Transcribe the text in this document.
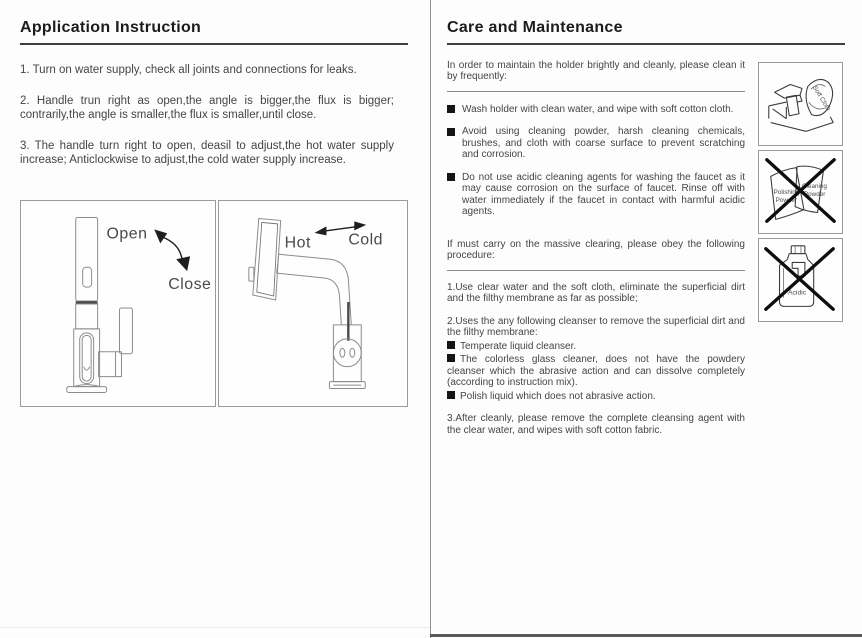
Application Instruction

1. Turn on water supply, check all joints and connections for leaks.

2. Handle trun right as open,the angle is bigger,the flux is bigger; contrarily,the angle is smaller,the flux is smaller,until close.

3. The handle turn right to open, deasil to adjust,the hot water supply increase; Anticlockwise to adjust,the cold water supply increase.

Open
Close
Hot Cold
Care and Maintenance

In order to maintain the holder brightly and cleanly, please clean it by frequently:

Wash holder with clean water, and wipe with soft cotton cloth.
Avoid using cleaning powder, harsh cleaning chemicals, brushes, and cloth with coarse surface to prevent scratching and corrosion.
Do not use acidic cleaning agents for washing the faucet as it may cause corrosion on the surface of faucet. Rinse off with water immediately if the faucet in contact with harmful acidic agents.

If must carry on the massive clearing, please obey the following procedure:

1.Use clear water and the soft cloth, eliminate the superficial dirt and the filthy membrane as far as possible;

2.Uses the any following cleanser to remove the superficial dirt and the filthy membrane:

Temperate liquid cleanser.

The colorless glass cleaner, does not have the powdery cleanser which the abrasive action and can dissolve completely (according to instruction mix).

Polish liquid which does not abrasive action.

3.After cleanly, please remove the complete cleansing agent with the clear water, and wipes with soft cotton fabric.

Soft Cloth
Cleaning
Powder
Polishing
Powder
Acidic
